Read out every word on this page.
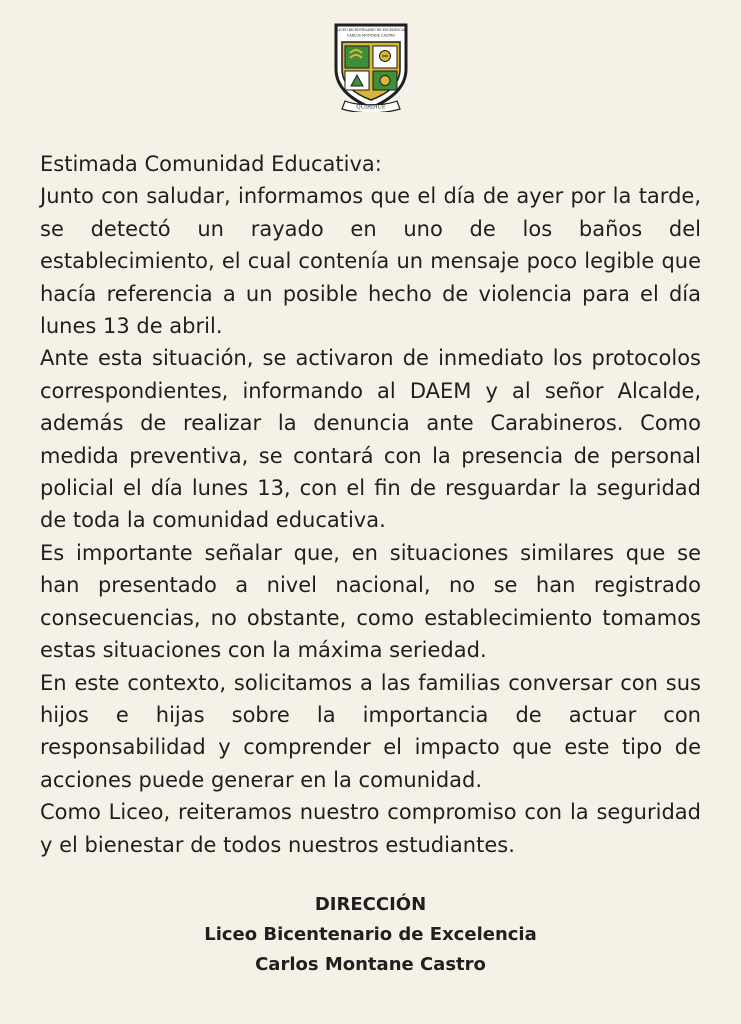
LICEO BICENTENARIO DE EXCELENCIA
CARLOS MONTANE CASTRO
QUIRIHUE

Estimada Comunidad Educativa:

Junto con saludar, informamos que el día de ayer por la tarde, se detectó un rayado en uno de los baños del establecimiento, el cual contenía un mensaje poco legible que hacía referencia a un posible hecho de violencia para el día lunes 13 de abril.

Ante esta situación, se activaron de inmediato los protocolos correspondientes, informando al DAEM y al señor Alcalde, además de realizar la denuncia ante Carabineros. Como medida preventiva, se contará con la presencia de personal policial el día lunes 13, con el fin de resguardar la seguridad de toda la comunidad educativa.

Es importante señalar que, en situaciones similares que se han presentado a nivel nacional, no se han registrado consecuencias, no obstante, como establecimiento tomamos estas situaciones con la máxima seriedad.

En este contexto, solicitamos a las familias conversar con sus hijos e hijas sobre la importancia de actuar con responsabilidad y comprender el impacto que este tipo de acciones puede generar en la comunidad.

Como Liceo, reiteramos nuestro compromiso con la seguridad y el bienestar de todos nuestros estudiantes.

DIRECCIÓN
Liceo Bicentenario de Excelencia
Carlos Montane Castro
